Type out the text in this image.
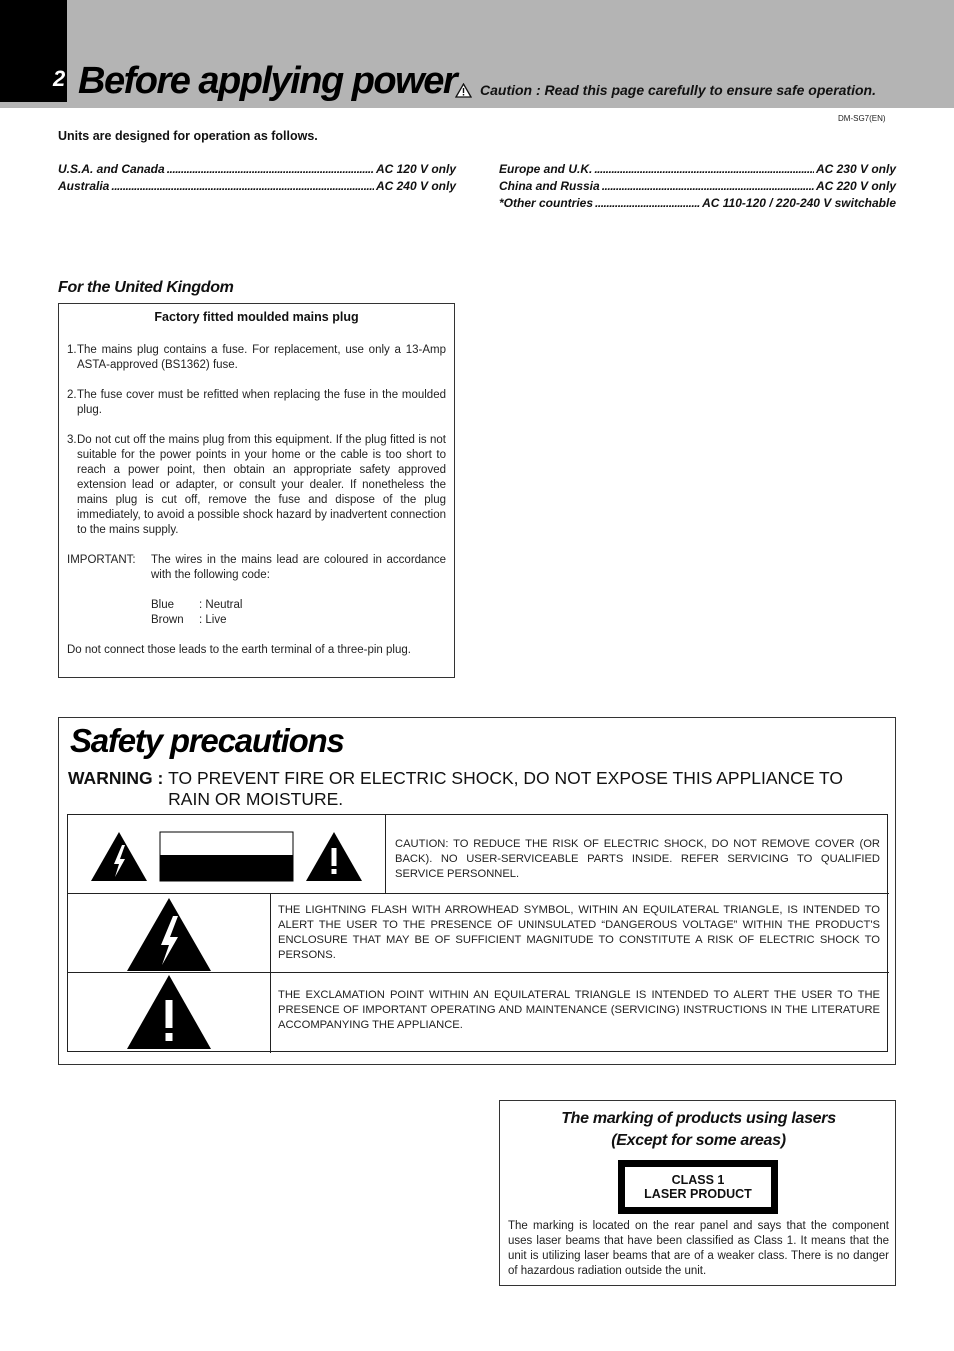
2 Before applying power Caution : Read this page carefully to ensure safe operation.
DM-SG7(EN)
Units are designed for operation as follows.
U.S.A. and Canada .....	AC 120 V only
Australia .....	AC 240 V only
Europe and U.K. .....	AC 230 V only
China and Russia .....	AC 220 V only
*Other countries .....	AC 110-120 / 220-240 V switchable
For the United Kingdom
Factory fitted moulded mains plug
1. The mains plug contains a fuse. For replacement, use only a 13-Amp ASTA-approved (BS1362) fuse.
2. The fuse cover must be refitted when replacing the fuse in the moulded plug.
3. Do not cut off the mains plug from this equipment. If the plug fitted is not suitable for the power points in your home or the cable is too short to reach a power point, then obtain an appropriate safety approved extension lead or adapter, or consult your dealer. If nonetheless the mains plug is cut off, remove the fuse and dispose of the plug immediately, to avoid a possible shock hazard by inadvertent connection to the mains supply.
IMPORTANT:	The wires in the mains lead are coloured in accordance with the following code:
Blue	: Neutral
Brown	: Live
Do not connect those leads to the earth terminal of a three-pin plug.
Safety precautions
WARNING : TO PREVENT FIRE OR ELECTRIC SHOCK, DO NOT EXPOSE THIS APPLIANCE TO RAIN OR MOISTURE.
CAUTION: TO REDUCE THE RISK OF ELECTRIC SHOCK, DO NOT REMOVE COVER (OR BACK). NO USER-SERVICEABLE PARTS INSIDE. REFER SERVICING TO QUALIFIED SERVICE PERSONNEL.
THE LIGHTNING FLASH WITH ARROWHEAD SYMBOL, WITHIN AN EQUILATERAL TRIANGLE, IS INTENDED TO ALERT THE USER TO THE PRESENCE OF UNINSULATED “DANGEROUS VOLTAGE” WITHIN THE PRODUCT'S ENCLOSURE THAT MAY BE OF SUFFICIENT MAGNITUDE TO CONSTITUTE A RISK OF ELECTRIC SHOCK TO PERSONS.
THE EXCLAMATION POINT WITHIN AN EQUILATERAL TRIANGLE IS INTENDED TO ALERT THE USER TO THE PRESENCE OF IMPORTANT OPERATING AND MAINTENANCE (SERVICING) INSTRUCTIONS IN THE LITERATURE ACCOMPANYING THE APPLIANCE.
The marking of products using lasers
(Except for some areas)
CLASS 1
LASER PRODUCT
The marking is located on the rear panel and says that the component uses laser beams that have been classified as Class 1. It means that the unit is utilizing laser beams that are of a weaker class. There is no danger of hazardous radiation outside the unit.
